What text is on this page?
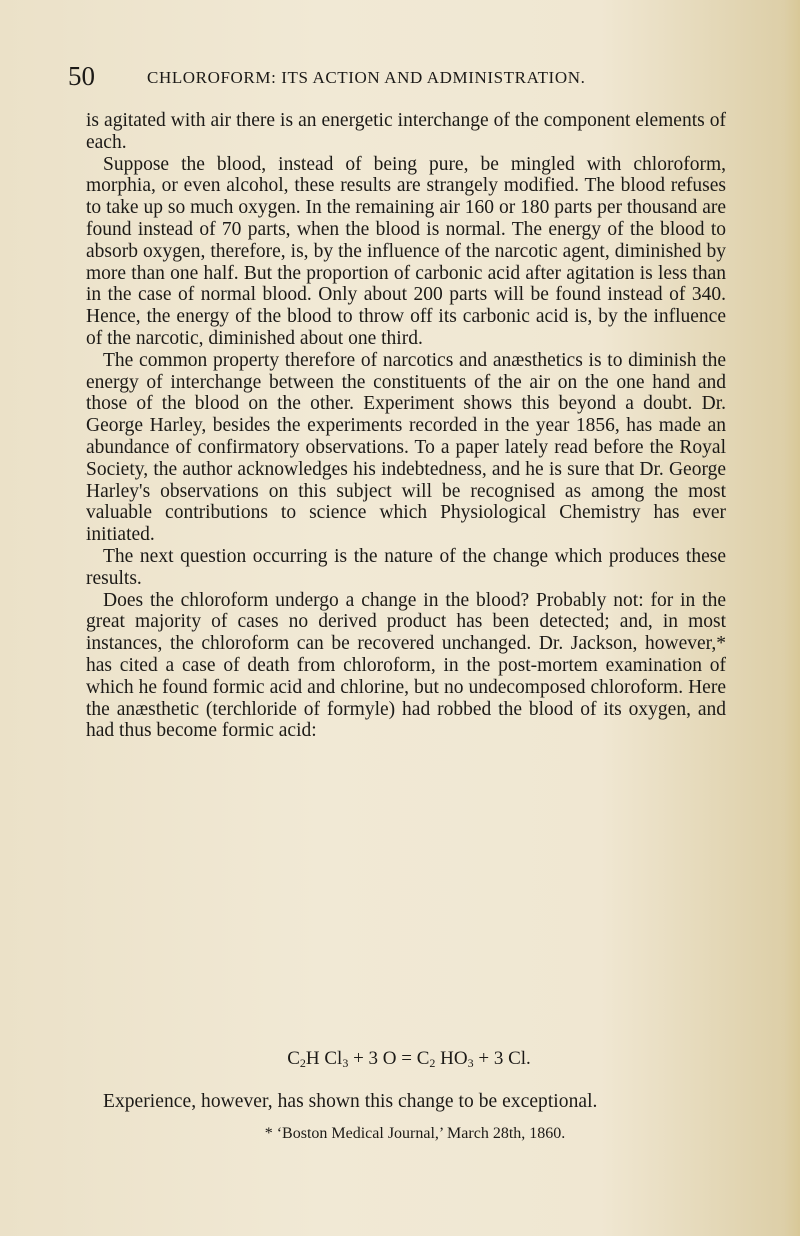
50	CHLOROFORM: ITS ACTION AND ADMINISTRATION.

is agitated with air there is an energetic interchange of the component elements of each.

Suppose the blood, instead of being pure, be mingled with chloroform, morphia, or even alcohol, these results are strangely modified. The blood refuses to take up so much oxygen. In the remaining air 160 or 180 parts per thousand are found instead of 70 parts, when the blood is normal. The energy of the blood to absorb oxygen, therefore, is, by the influence of the narcotic agent, diminished by more than one half. But the proportion of carbonic acid after agitation is less than in the case of normal blood. Only about 200 parts will be found instead of 340. Hence, the energy of the blood to throw off its carbonic acid is, by the influence of the narcotic, diminished about one third.

The common property therefore of narcotics and anæsthetics is to diminish the energy of interchange between the constituents of the air on the one hand and those of the blood on the other. Experiment shows this beyond a doubt. Dr. George Harley, besides the experiments recorded in the year 1856, has made an abundance of confirmatory observations. To a paper lately read before the Royal Society, the author acknowledges his indebtedness, and he is sure that Dr. George Harley's observations on this subject will be recognised as among the most valuable contributions to science which Physiological Chemistry has ever initiated.

The next question occurring is the nature of the change which produces these results.

Does the chloroform undergo a change in the blood? Probably not: for in the great majority of cases no derived product has been detected; and, in most instances, the chloroform can be recovered unchanged. Dr. Jackson, however,* has cited a case of death from chloroform, in the post-mortem examination of which he found formic acid and chlorine, but no undecomposed chloroform. Here the anæsthetic (terchloride of formyle) had robbed the blood of its oxygen, and had thus become formic acid:

$C_2H$ $Cl_3 + 3$ $O = C_2$ $HO_3 + 3$ Cl.
Experience, however, has shown this change to be exceptional.
* ‘Boston Medical Journal,’ March 28th, 1860.
